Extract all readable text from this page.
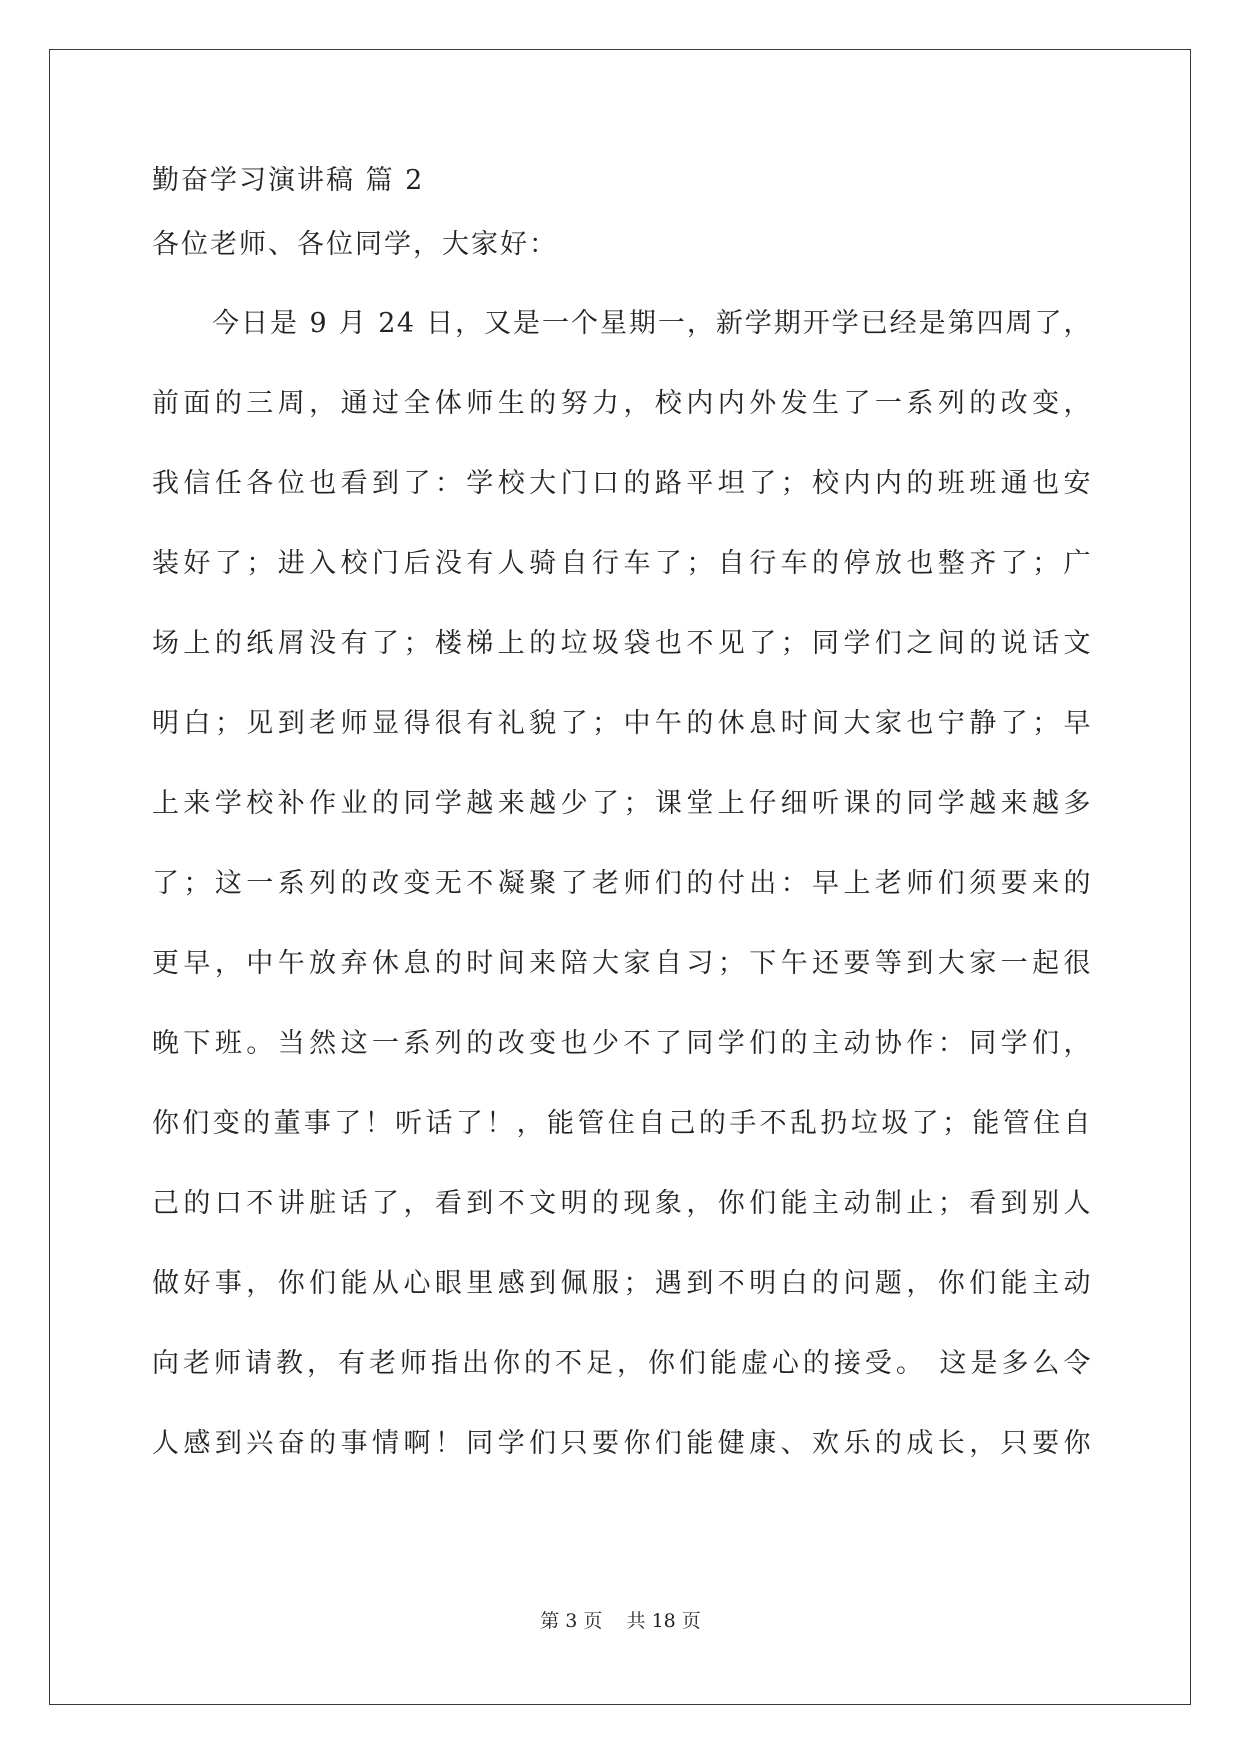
勤奋学习演讲稿 篇 2

各位老师、各位同学，大家好：

今日是 9 月 24 日，又是一个星期一，新学期开学已经是第四周了，
前面的三周，通过全体师生的努力，校内内外发生了一系列的改变，
我信任各位也看到了：学校大门口的路平坦了；校内内的班班通也安
装好了；进入校门后没有人骑自行车了；自行车的停放也整齐了；广
场上的纸屑没有了；楼梯上的垃圾袋也不见了；同学们之间的说话文
明白；见到老师显得很有礼貌了；中午的休息时间大家也宁静了；早
上来学校补作业的同学越来越少了；课堂上仔细听课的同学越来越多
了；这一系列的改变无不凝聚了老师们的付出：早上老师们须要来的
更早，中午放弃休息的时间来陪大家自习；下午还要等到大家一起很
晚下班。当然这一系列的改变也少不了同学们的主动协作：同学们，
你们变的董事了！听话了！，能管住自己的手不乱扔垃圾了；能管住自
己的口不讲脏话了，看到不文明的现象，你们能主动制止；看到别人
做好事，你们能从心眼里感到佩服；遇到不明白的问题，你们能主动
向老师请教，有老师指出你的不足，你们能虚心的接受。 这是多么令
人感到兴奋的事情啊！同学们只要你们能健康、欢乐的成长，只要你
第 3 页 共 18 页
